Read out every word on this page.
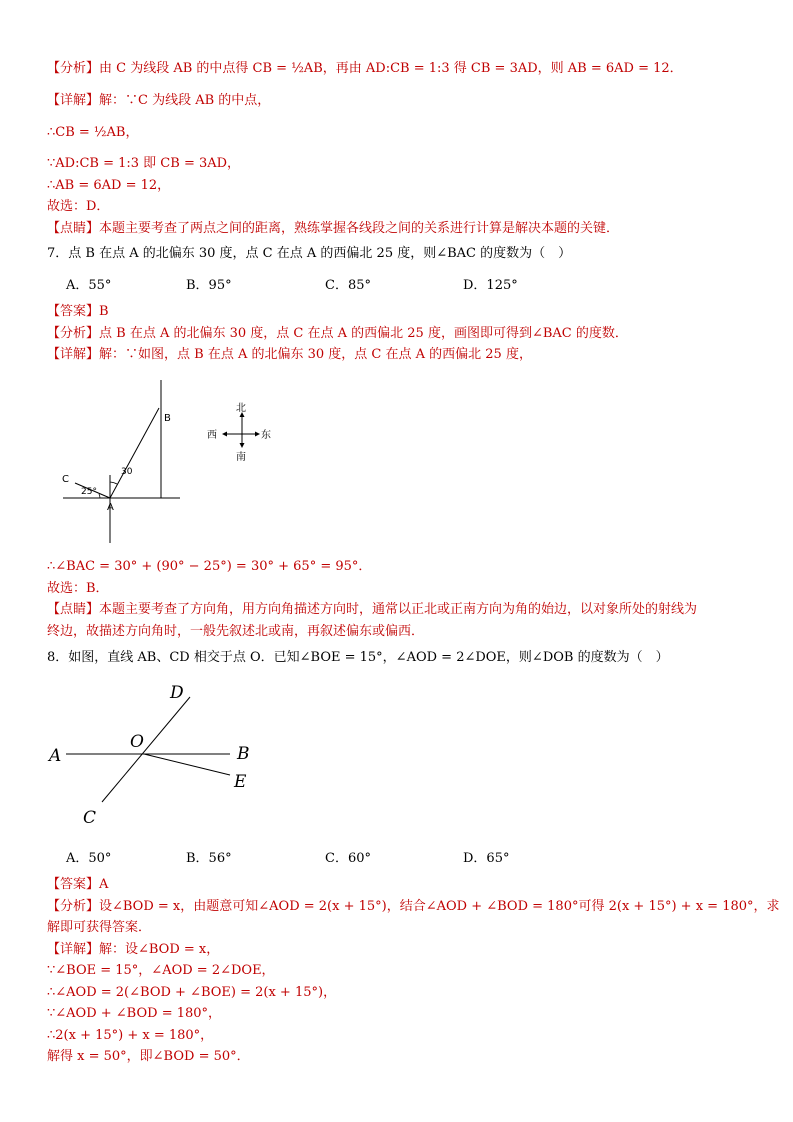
【分析】由 C 为线段 AB 的中点得 CB = ½AB，再由 AD:CB = 1:3 得 CB = 3AD，则 AB = 6AD = 12．
【详解】解：∵C 为线段 AB 的中点，
∴CB = ½AB，
∵AD:CB = 1:3 即 CB = 3AD，
∴AB = 6AD = 12，
故选：D．
【点睛】本题主要考查了两点之间的距离，熟练掌握各线段之间的关系进行计算是解决本题的关键．
7．点 B 在点 A 的北偏东 30 度，点 C 在点 A 的西偏北 25 度，则∠BAC 的度数为（　）
A．55°	B．95°	C．85°	D．125°
【答案】B
【分析】点 B 在点 A 的北偏东 30 度，点 C 在点 A 的西偏北 25 度，画图即可得到∠BAC 的度数．
【详解】解：∵如图，点 B 在点 A 的北偏东 30 度，点 C 在点 A 的西偏北 25 度，
B
C
A
30
25°
北
南
西	东
∴∠BAC = 30° + (90° − 25°) = 30° + 65° = 95°．
故选：B．
【点睛】本题主要考查了方向角，用方向角描述方向时，通常以正北或正南方向为角的始边，以对象所处的射线为
终边，故描述方向角时，一般先叙述北或南，再叙述偏东或偏西．
8．如图，直线 AB、CD 相交于点 O．已知∠BOE = 15°，∠AOD = 2∠DOE，则∠DOB 的度数为（　）
A	B
C
D
E
O
A．50°	B．56°	C．60°	D．65°
【答案】A
【分析】设∠BOD = x，由题意可知∠AOD = 2(x + 15°)，结合∠AOD + ∠BOD = 180°可得 2(x + 15°) + x = 180°，求
解即可获得答案．
【详解】解：设∠BOD = x，
∵∠BOE = 15°，∠AOD = 2∠DOE，
∴∠AOD = 2(∠BOD + ∠BOE) = 2(x + 15°)，
∵∠AOD + ∠BOD = 180°，
∴2(x + 15°) + x = 180°，
解得 x = 50°，即∠BOD = 50°．
